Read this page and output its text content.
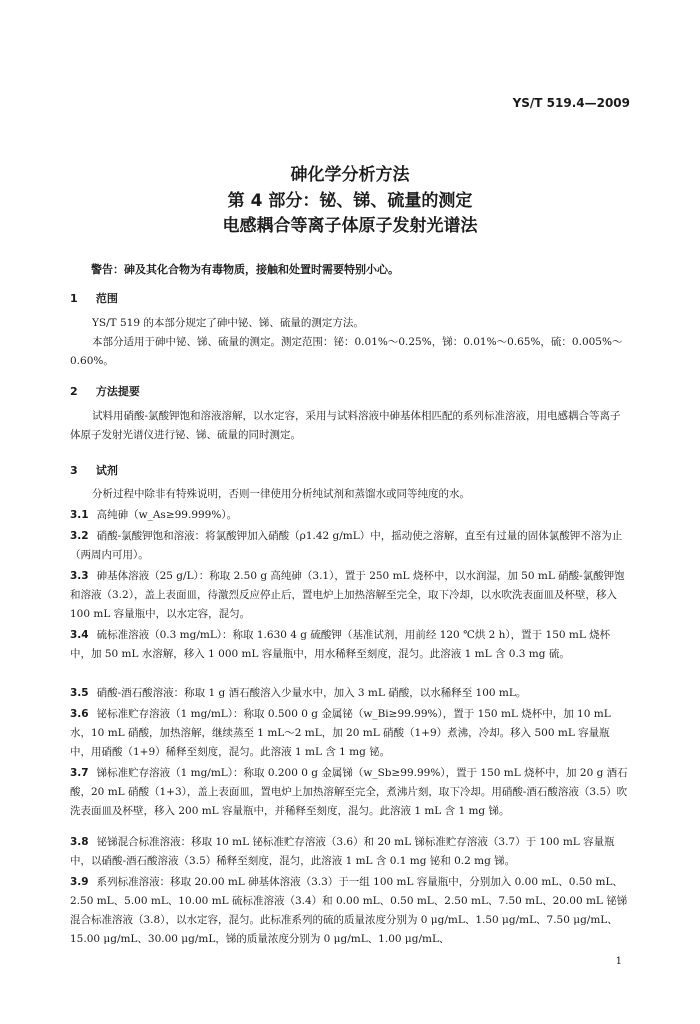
YS/T 519.4—2009
砷化学分析方法
第 4 部分：铋、锑、硫量的测定
电感耦合等离子体原子发射光谱法
警告：砷及其化合物为有毒物质，接触和处置时需要特别小心。
1 范围

YS/T 519 的本部分规定了砷中铋、锑、硫量的测定方法。

本部分适用于砷中铋、锑、硫量的测定。测定范围：铋：0.01%～0.25%，锑：0.01%～0.65%，硫：0.005%～0.60%。

2 方法提要

试料用硝酸-氯酸钾饱和溶液溶解，以水定容，采用与试料溶液中砷基体相匹配的系列标准溶液，用电感耦合等离子体原子发射光谱仪进行铋、锑、硫量的同时测定。

3 试剂

分析过程中除非有特殊说明，否则一律使用分析纯试剂和蒸馏水或同等纯度的水。

3.1 高纯砷（w_As≥99.999%）。

3.2 硝酸-氯酸钾饱和溶液：将氯酸钾加入硝酸（ρ1.42 g/mL）中，摇动使之溶解，直至有过量的固体氯酸钾不溶为止（两周内可用）。

3.3 砷基体溶液（25 g/L）：称取 2.50 g 高纯砷（3.1），置于 250 mL 烧杯中，以水润湿，加 50 mL 硝酸-氯酸钾饱和溶液（3.2），盖上表面皿，待激烈反应停止后，置电炉上加热溶解至完全，取下冷却，以水吹洗表面皿及杯壁，移入 100 mL 容量瓶中，以水定容，混匀。

3.4 硫标准溶液（0.3 mg/mL）：称取 1.630 4 g 硫酸钾（基准试剂，用前经 120 ℃烘 2 h），置于 150 mL 烧杯中，加 50 mL 水溶解，移入 1 000 mL 容量瓶中，用水稀释至刻度，混匀。此溶液 1 mL 含 0.3 mg 硫。

3.5 硝酸-酒石酸溶液：称取 1 g 酒石酸溶入少量水中，加入 3 mL 硝酸，以水稀释至 100 mL。

3.6 铋标准贮存溶液（1 mg/mL）：称取 0.500 0 g 金属铋（w_Bi≥99.99%），置于 150 mL 烧杯中，加 10 mL 水，10 mL 硝酸，加热溶解，继续蒸至 1 mL～2 mL，加 20 mL 硝酸（1+9）煮沸，冷却。移入 500 mL 容量瓶中，用硝酸（1+9）稀释至刻度，混匀。此溶液 1 mL 含 1 mg 铋。

3.7 锑标准贮存溶液（1 mg/mL）：称取 0.200 0 g 金属锑（w_Sb≥99.99%），置于 150 mL 烧杯中，加 20 g 酒石酸，20 mL 硝酸（1+3），盖上表面皿，置电炉上加热溶解至完全，煮沸片刻，取下冷却。用硝酸-酒石酸溶液（3.5）吹洗表面皿及杯壁，移入 200 mL 容量瓶中，并稀释至刻度，混匀。此溶液 1 mL 含 1 mg 锑。

3.8 铋锑混合标准溶液：移取 10 mL 铋标准贮存溶液（3.6）和 20 mL 锑标准贮存溶液（3.7）于 100 mL 容量瓶中，以硝酸-酒石酸溶液（3.5）稀释至刻度，混匀，此溶液 1 mL 含 0.1 mg 铋和 0.2 mg 锑。

3.9 系列标准溶液：移取 20.00 mL 砷基体溶液（3.3）于一组 100 mL 容量瓶中，分别加入 0.00 mL、0.50 mL、2.50 mL、5.00 mL、10.00 mL 硫标准溶液（3.4）和 0.00 mL、0.50 mL、2.50 mL、7.50 mL、20.00 mL 铋锑混合标准溶液（3.8），以水定容，混匀。此标准系列的硫的质量浓度分别为 0 μg/mL、1.50 μg/mL、7.50 μg/mL、15.00 μg/mL、30.00 μg/mL，锑的质量浓度分别为 0 μg/mL、1.00 μg/mL、

1
